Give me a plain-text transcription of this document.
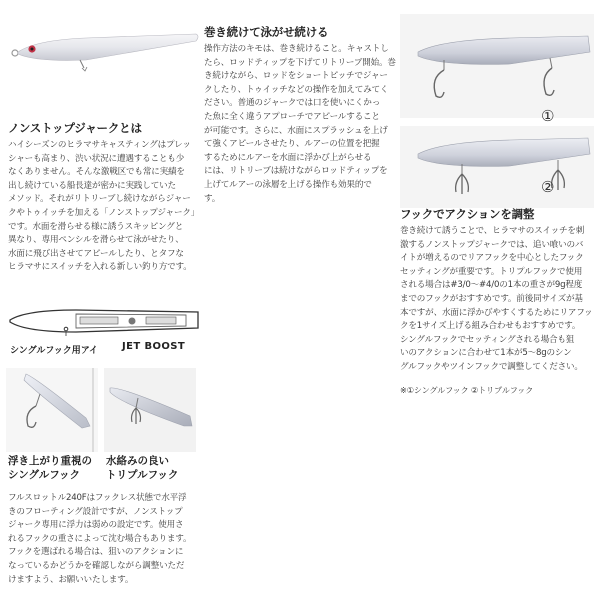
ノンストップジャークとは
ハイシーズンのヒラマサキャスティングはプレッ
シャーも高まり、渋い状況に遭遇することも少
なくありません。そんな激戦区でも常に実績を
出し続けている船長達が密かに実践していた
メソッド。それがリトリーブし続けながらジャー
クやトゥイッチを加える「ノンストップジャーク」
です。水面を滑らせる様に誘うスキッピングと
異なり、専用ペンシルを滑らせて泳がせたり、
水面に飛び出させてアピールしたり、とタフな
ヒラマサにスイッチを入れる新しい釣り方です。
巻き続けて泳がせ続ける
操作方法のキモは、巻き続けること。キャストし
たら、ロッドティップを下げてリトリーブ開始。巻
き続けながら、ロッドをショートピッチでジャー
クしたり、トゥイッチなどの操作を加えてみてく
ださい。普通のジャークでは口を使いにくかっ
た魚に全く違うアプローチでアピールすること
が可能です。さらに、水面にスプラッシュを上げ
て強くアピールさせたり、ルアーの位置を把握
するためにルアーを水面に浮かび上がらせる
には、リトリーブは続けながらロッドティップを
上げてルアーの泳層を上げる操作も効果的で
す。
①
②
フックでアクションを調整
巻き続けて誘うことで、ヒラマサのスイッチを刺
激するノンストップジャークでは、追い喰いのバ
イトが増えるのでリアフックを中心としたフック
セッティングが重要です。トリプルフックで使用
される場合は#3/0～#4/0の1本の重さが9g程度
までのフックがおすすめです。前後同サイズが基
本ですが、水面に浮かびやすくするためにリアフッ
クを1サイズ上げる組み合わせもおすすめです。
シングルフックでセッティングされる場合も狙
いのアクションに合わせて1本が5～8gのシン
グルフックやツインフックで調整してください。
※①シングルフック ②トリプルフック
シングルフック用アイ JET BOOST
浮き上がり重視の
シングルフック
水絡みの良い
トリプルフック
フルスロットル240Fはフックレス状態で水平浮
きのフローティング設計ですが、ノンストップ
ジャーク専用に浮力は弱めの設定です。使用さ
れるフックの重さによって沈む場合もあります。
フックを選ばれる場合は、狙いのアクションに
なっているかどうかを確認しながら調整いただ
けますよう、お願いいたします。
